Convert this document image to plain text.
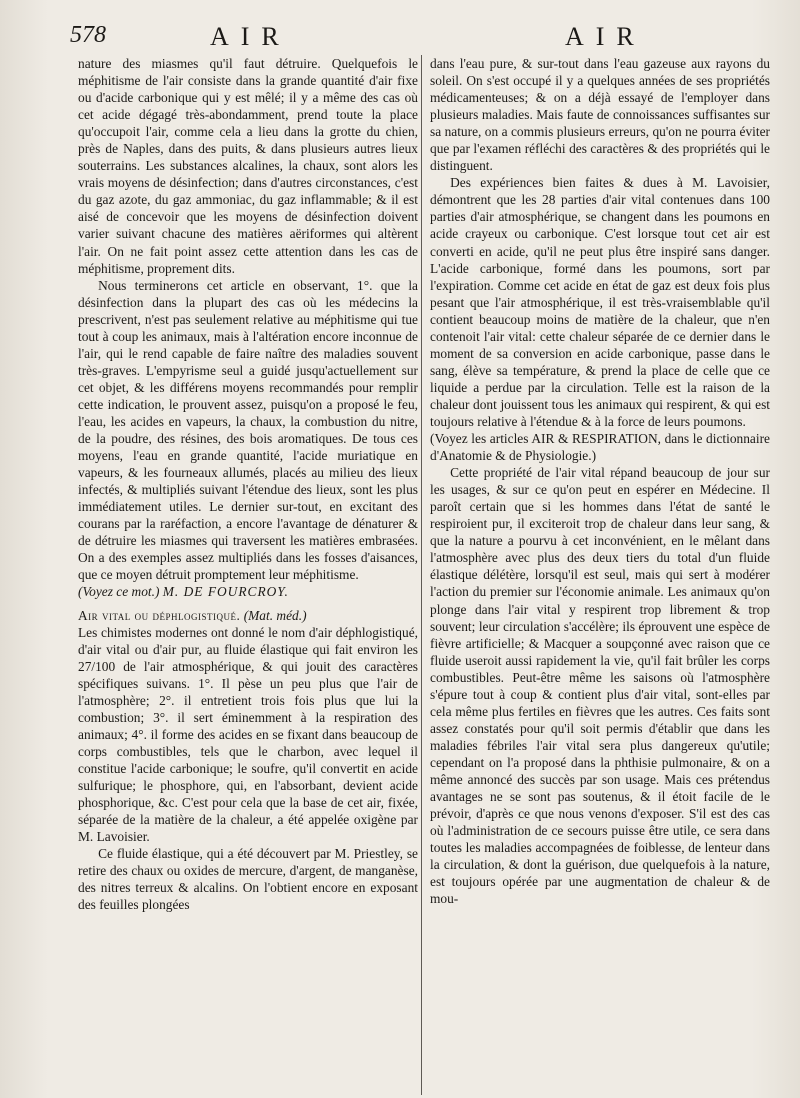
578	AIR	AIR

nature des miasmes qu'il faut détruire. Quelquefois le méphitisme de l'air consiste dans la grande quantité d'air fixe ou d'acide carbonique qui y est mêlé; il y a même des cas où cet acide dégagé très-abondamment, prend toute la place qu'occupoit l'air, comme cela a lieu dans la grotte du chien, près de Naples, dans des puits, & dans plusieurs autres lieux souterrains. Les substances alcalines, la chaux, sont alors les vrais moyens de désinfection; dans d'autres circonstances, c'est du gaz azote, du gaz ammoniac, du gaz inflammable; & il est aisé de concevoir que les moyens de désinfection doivent varier suivant chacune des matières aëriformes qui altèrent l'air. On ne fait point assez cette attention dans les cas de méphitisme, proprement dits.

Nous terminerons cet article en observant, 1°. que la désinfection dans la plupart des cas où les médecins la prescrivent, n'est pas seulement relative au méphitisme qui tue tout à coup les animaux, mais à l'altération encore inconnue de l'air, qui le rend capable de faire naître des maladies souvent très-graves. L'empyrisme seul a guidé jusqu'actuellement sur cet objet, & les différens moyens recommandés pour remplir cette indication, le prouvent assez, puisqu'on a proposé le feu, l'eau, les acides en vapeurs, la chaux, la combustion du nitre, de la poudre, des résines, des bois aromatiques. De tous ces moyens, l'eau en grande quantité, l'acide muriatique en vapeurs, & les fourneaux allumés, placés au milieu des lieux infectés, & multipliés suivant l'étendue des lieux, sont les plus immédiatement utiles. Le dernier sur-tout, en excitant des courans par la raréfaction, a encore l'avantage de dénaturer & de détruire les miasmes qui traversent les matières embrasées. On a des exemples assez multipliés dans les fosses d'aisances, que ce moyen détruit promptement leur méphitisme.

(Voyez ce mot.) M. DE FOURCROY.

Air vital ou déphlogistiqué. (Mat. méd.)

Les chimistes modernes ont donné le nom d'air déphlogistiqué, d'air vital ou d'air pur, au fluide élastique qui fait environ les 27/100 de l'air atmosphérique, & qui jouit des caractères spécifiques suivans. 1°. Il pèse un peu plus que l'air de l'atmosphère; 2°. il entretient trois fois plus que lui la combustion; 3°. il sert éminemment à la respiration des animaux; 4°. il forme des acides en se fixant dans beaucoup de corps combustibles, tels que le charbon, avec lequel il constitue l'acide carbonique; le soufre, qu'il convertit en acide sulfurique; le phosphore, qui, en l'absorbant, devient acide phosphorique, &c. C'est pour cela que la base de cet air, fixée, séparée de la matière de la chaleur, a été appelée oxigène par M. Lavoisier.

Ce fluide élastique, qui a été découvert par M. Priestley, se retire des chaux ou oxides de mercure, d'argent, de manganèse, des nitres terreux & alcalins. On l'obtient encore en exposant des feuilles plongées

dans l'eau pure, & sur-tout dans l'eau gazeuse aux rayons du soleil. On s'est occupé il y a quelques années de ses propriétés médicamenteuses; & on a déjà essayé de l'employer dans plusieurs maladies. Mais faute de connoissances suffisantes sur sa nature, on a commis plusieurs erreurs, qu'on ne pourra éviter que par l'examen réfléchi des caractères & des propriétés qui le distinguent.

Des expériences bien faites & dues à M. Lavoisier, démontrent que les 28 parties d'air vital contenues dans 100 parties d'air atmosphérique, se changent dans les poumons en acide crayeux ou carbonique. C'est lorsque tout cet air est converti en acide, qu'il ne peut plus être inspiré sans danger. L'acide carbonique, formé dans les poumons, sort par l'expiration. Comme cet acide en état de gaz est deux fois plus pesant que l'air atmosphérique, il est très-vraisemblable qu'il contient beaucoup moins de matière de la chaleur, que n'en contenoit l'air vital: cette chaleur séparée de ce dernier dans le moment de sa conversion en acide carbonique, passe dans le sang, élève sa température, & prend la place de celle que ce liquide a perdue par la circulation. Telle est la raison de la chaleur dont jouissent tous les animaux qui respirent, & qui est toujours relative à l'étendue & à la force de leurs poumons.

(Voyez les articles AIR & RESPIRATION, dans le dictionnaire d'Anatomie & de Physiologie.)

Cette propriété de l'air vital répand beaucoup de jour sur les usages, & sur ce qu'on peut en espérer en Médecine. Il paroît certain que si les hommes dans l'état de santé le respiroient pur, il exciteroit trop de chaleur dans leur sang, & que la nature a pourvu à cet inconvénient, en le mêlant dans l'atmosphère avec plus des deux tiers du total d'un fluide élastique délétère, lorsqu'il est seul, mais qui sert à modérer l'action du premier sur l'économie animale. Les animaux qu'on plonge dans l'air vital y respirent trop librement & trop souvent; leur circulation s'accélère; ils éprouvent une espèce de fièvre artificielle; & Macquer a soupçonné avec raison que ce fluide useroit aussi rapidement la vie, qu'il fait brûler les corps combustibles. Peut-être même les saisons où l'atmosphère s'épure tout à coup & contient plus d'air vital, sont-elles par cela même plus fertiles en fièvres que les autres. Ces faits sont assez constatés pour qu'il soit permis d'établir que dans les maladies fébriles l'air vital sera plus dangereux qu'utile; cependant on l'a proposé dans la phthisie pulmonaire, & on a même annoncé des succès par son usage. Mais ces prétendus avantages ne se sont pas soutenus, & il étoit facile de le prévoir, d'après ce que nous venons d'exposer. S'il est des cas où l'administration de ce secours puisse être utile, ce sera dans toutes les maladies accompagnées de foiblesse, de lenteur dans la circulation, & dont la guérison, due quelquefois à la nature, est toujours opérée par une augmentation de chaleur & de mou-
